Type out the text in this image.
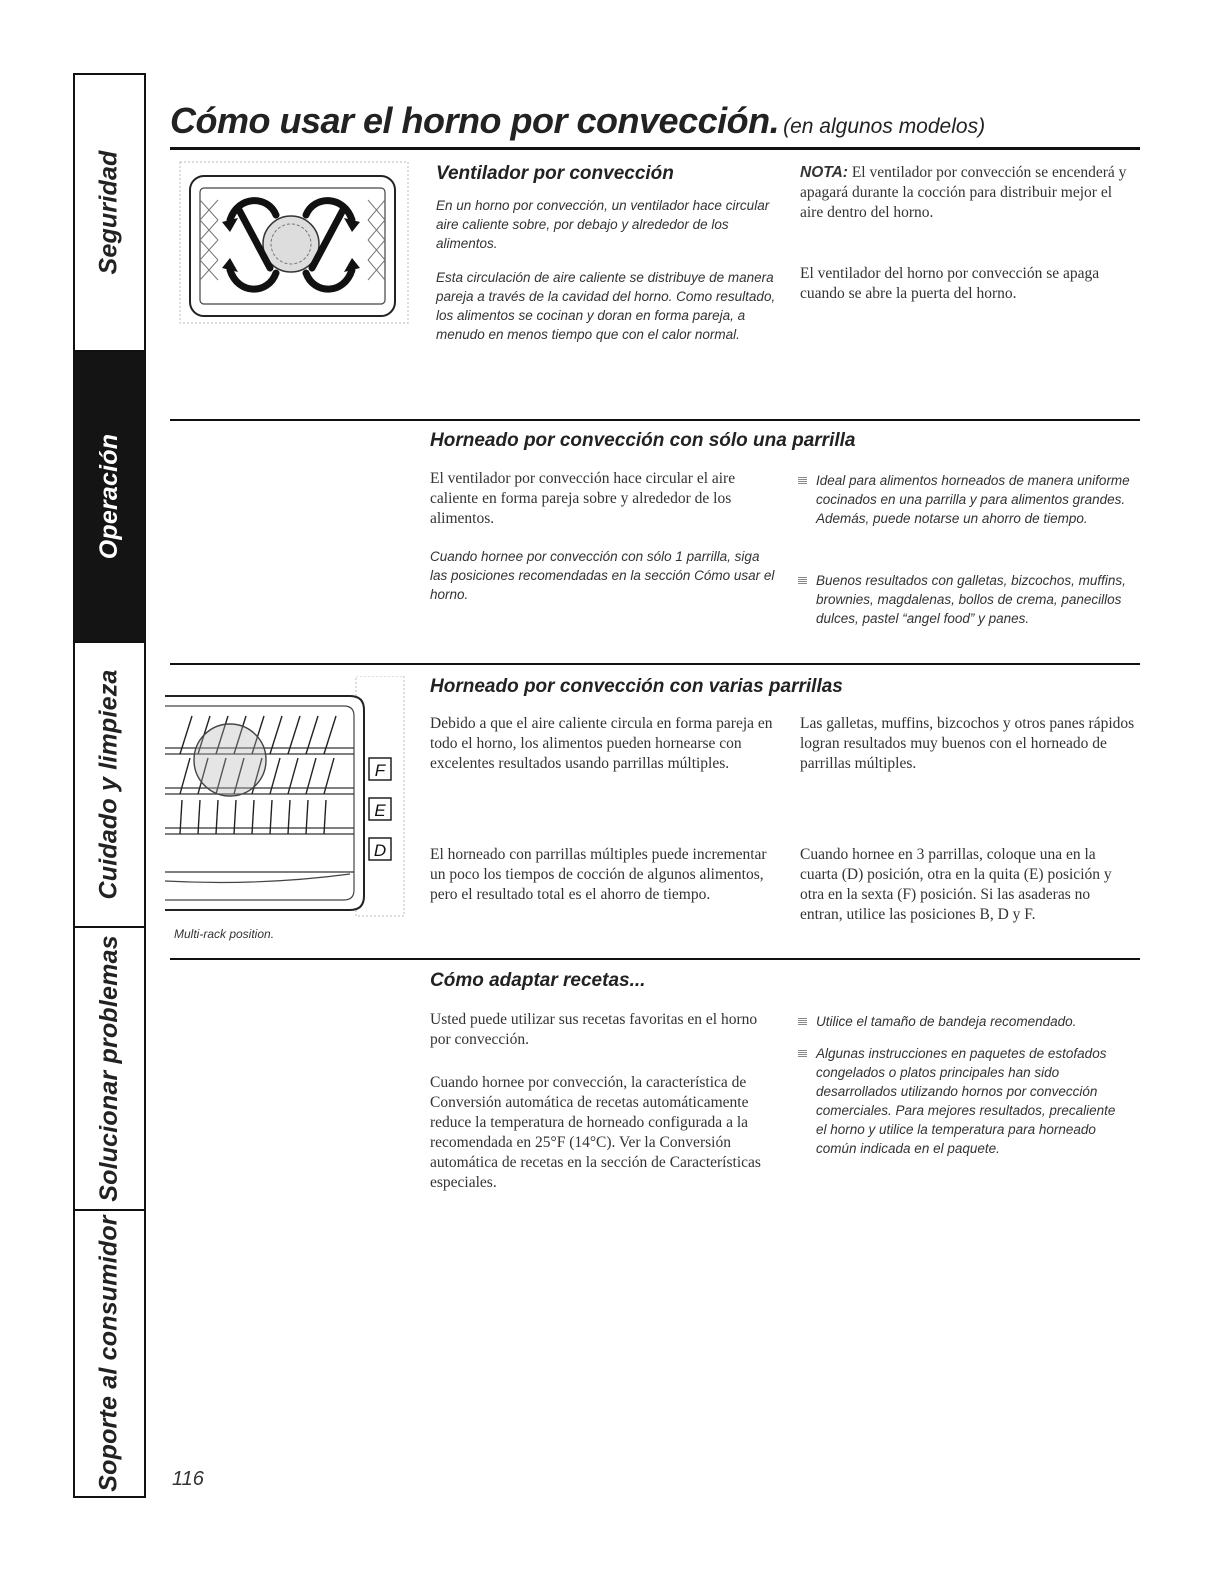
Seguridad
Operación
Cuidado y limpieza
Solucionar problemas
Soporte al consumidor
Cómo usar el horno por convección. (en algunos modelos)
Ventilador por convección

En un horno por convección, un ventilador hace circular aire caliente sobre, por debajo y alrededor de los alimentos.

Esta circulación de aire caliente se distribuye de manera pareja a través de la cavidad del horno. Como resultado, los alimentos se cocinan y doran en forma pareja, a menudo en menos tiempo que con el calor normal.

NOTA: El ventilador por convección se encenderá y apagará durante la cocción para distribuir mejor el aire dentro del horno.

El ventilador del horno por convección se apaga cuando se abre la puerta del horno.

Horneado por convección con sólo una parrilla

El ventilador por convección hace circular el aire caliente en forma pareja sobre y alrededor de los alimentos.

Cuando hornee por convección con sólo 1 parrilla, siga las posiciones recomendadas en la sección Cómo usar el horno.

Ideal para alimentos horneados de manera uniforme cocinados en una parrilla y para alimentos grandes. Además, puede notarse un ahorro de tiempo.

Buenos resultados con galletas, bizcochos, muffins, brownies, magdalenas, bollos de crema, panecillos dulces, pastel “angel food” y panes.

F
E
D
Multi-rack position.
Horneado por convección con varias parrillas

Debido a que el aire caliente circula en forma pareja en todo el horno, los alimentos pueden hornearse con excelentes resultados usando parrillas múltiples.

El horneado con parrillas múltiples puede incrementar un poco los tiempos de cocción de algunos alimentos, pero el resultado total es el ahorro de tiempo.

Las galletas, muffins, bizcochos y otros panes rápidos logran resultados muy buenos con el horneado de parrillas múltiples.

Cuando hornee en 3 parrillas, coloque una en la cuarta (D) posición, otra en la quita (E) posición y otra en la sexta (F) posición. Si las asaderas no entran, utilice las posiciones B, D y F.

Cómo adaptar recetas...

Usted puede utilizar sus recetas favoritas en el horno por convección.

Cuando hornee por convección, la característica de Conversión automática de recetas automáticamente reduce la temperatura de horneado configurada a la recomendada en 25°F (14°C). Ver la Conversión automática de recetas en la sección de Características especiales.

Utilice el tamaño de bandeja recomendado.

Algunas instrucciones en paquetes de estofados congelados o platos principales han sido desarrollados utilizando hornos por convección comerciales. Para mejores resultados, precaliente el horno y utilice la temperatura para horneado común indicada en el paquete.

116
